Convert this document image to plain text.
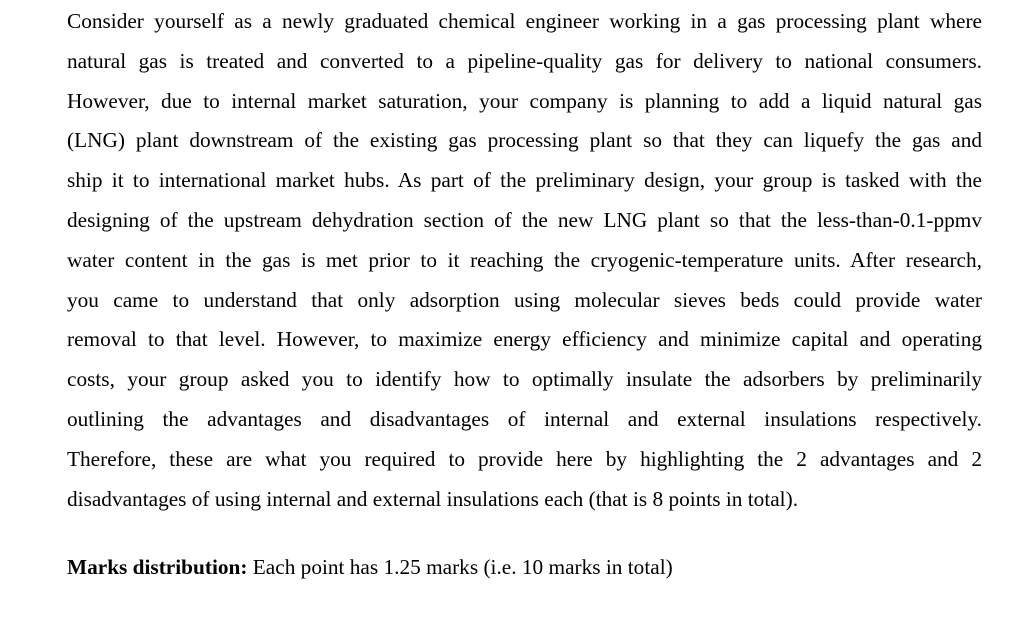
Consider yourself as a newly graduated chemical engineer working in a gas processing plant where
natural gas is treated and converted to a pipeline-quality gas for delivery to national consumers.
However, due to internal market saturation, your company is planning to add a liquid natural gas
(LNG) plant downstream of the existing gas processing plant so that they can liquefy the gas and
ship it to international market hubs. As part of the preliminary design, your group is tasked with the
designing of the upstream dehydration section of the new LNG plant so that the less-than-0.1-ppmv
water content in the gas is met prior to it reaching the cryogenic-temperature units. After research,
you came to understand that only adsorption using molecular sieves beds could provide water
removal to that level. However, to maximize energy efficiency and minimize capital and operating
costs, your group asked you to identify how to optimally insulate the adsorbers by preliminarily
outlining the advantages and disadvantages of internal and external insulations respectively.
Therefore, these are what you required to provide here by highlighting the 2 advantages and 2
disadvantages of using internal and external insulations each (that is 8 points in total).

Marks distribution: Each point has 1.25 marks (i.e. 10 marks in total)
